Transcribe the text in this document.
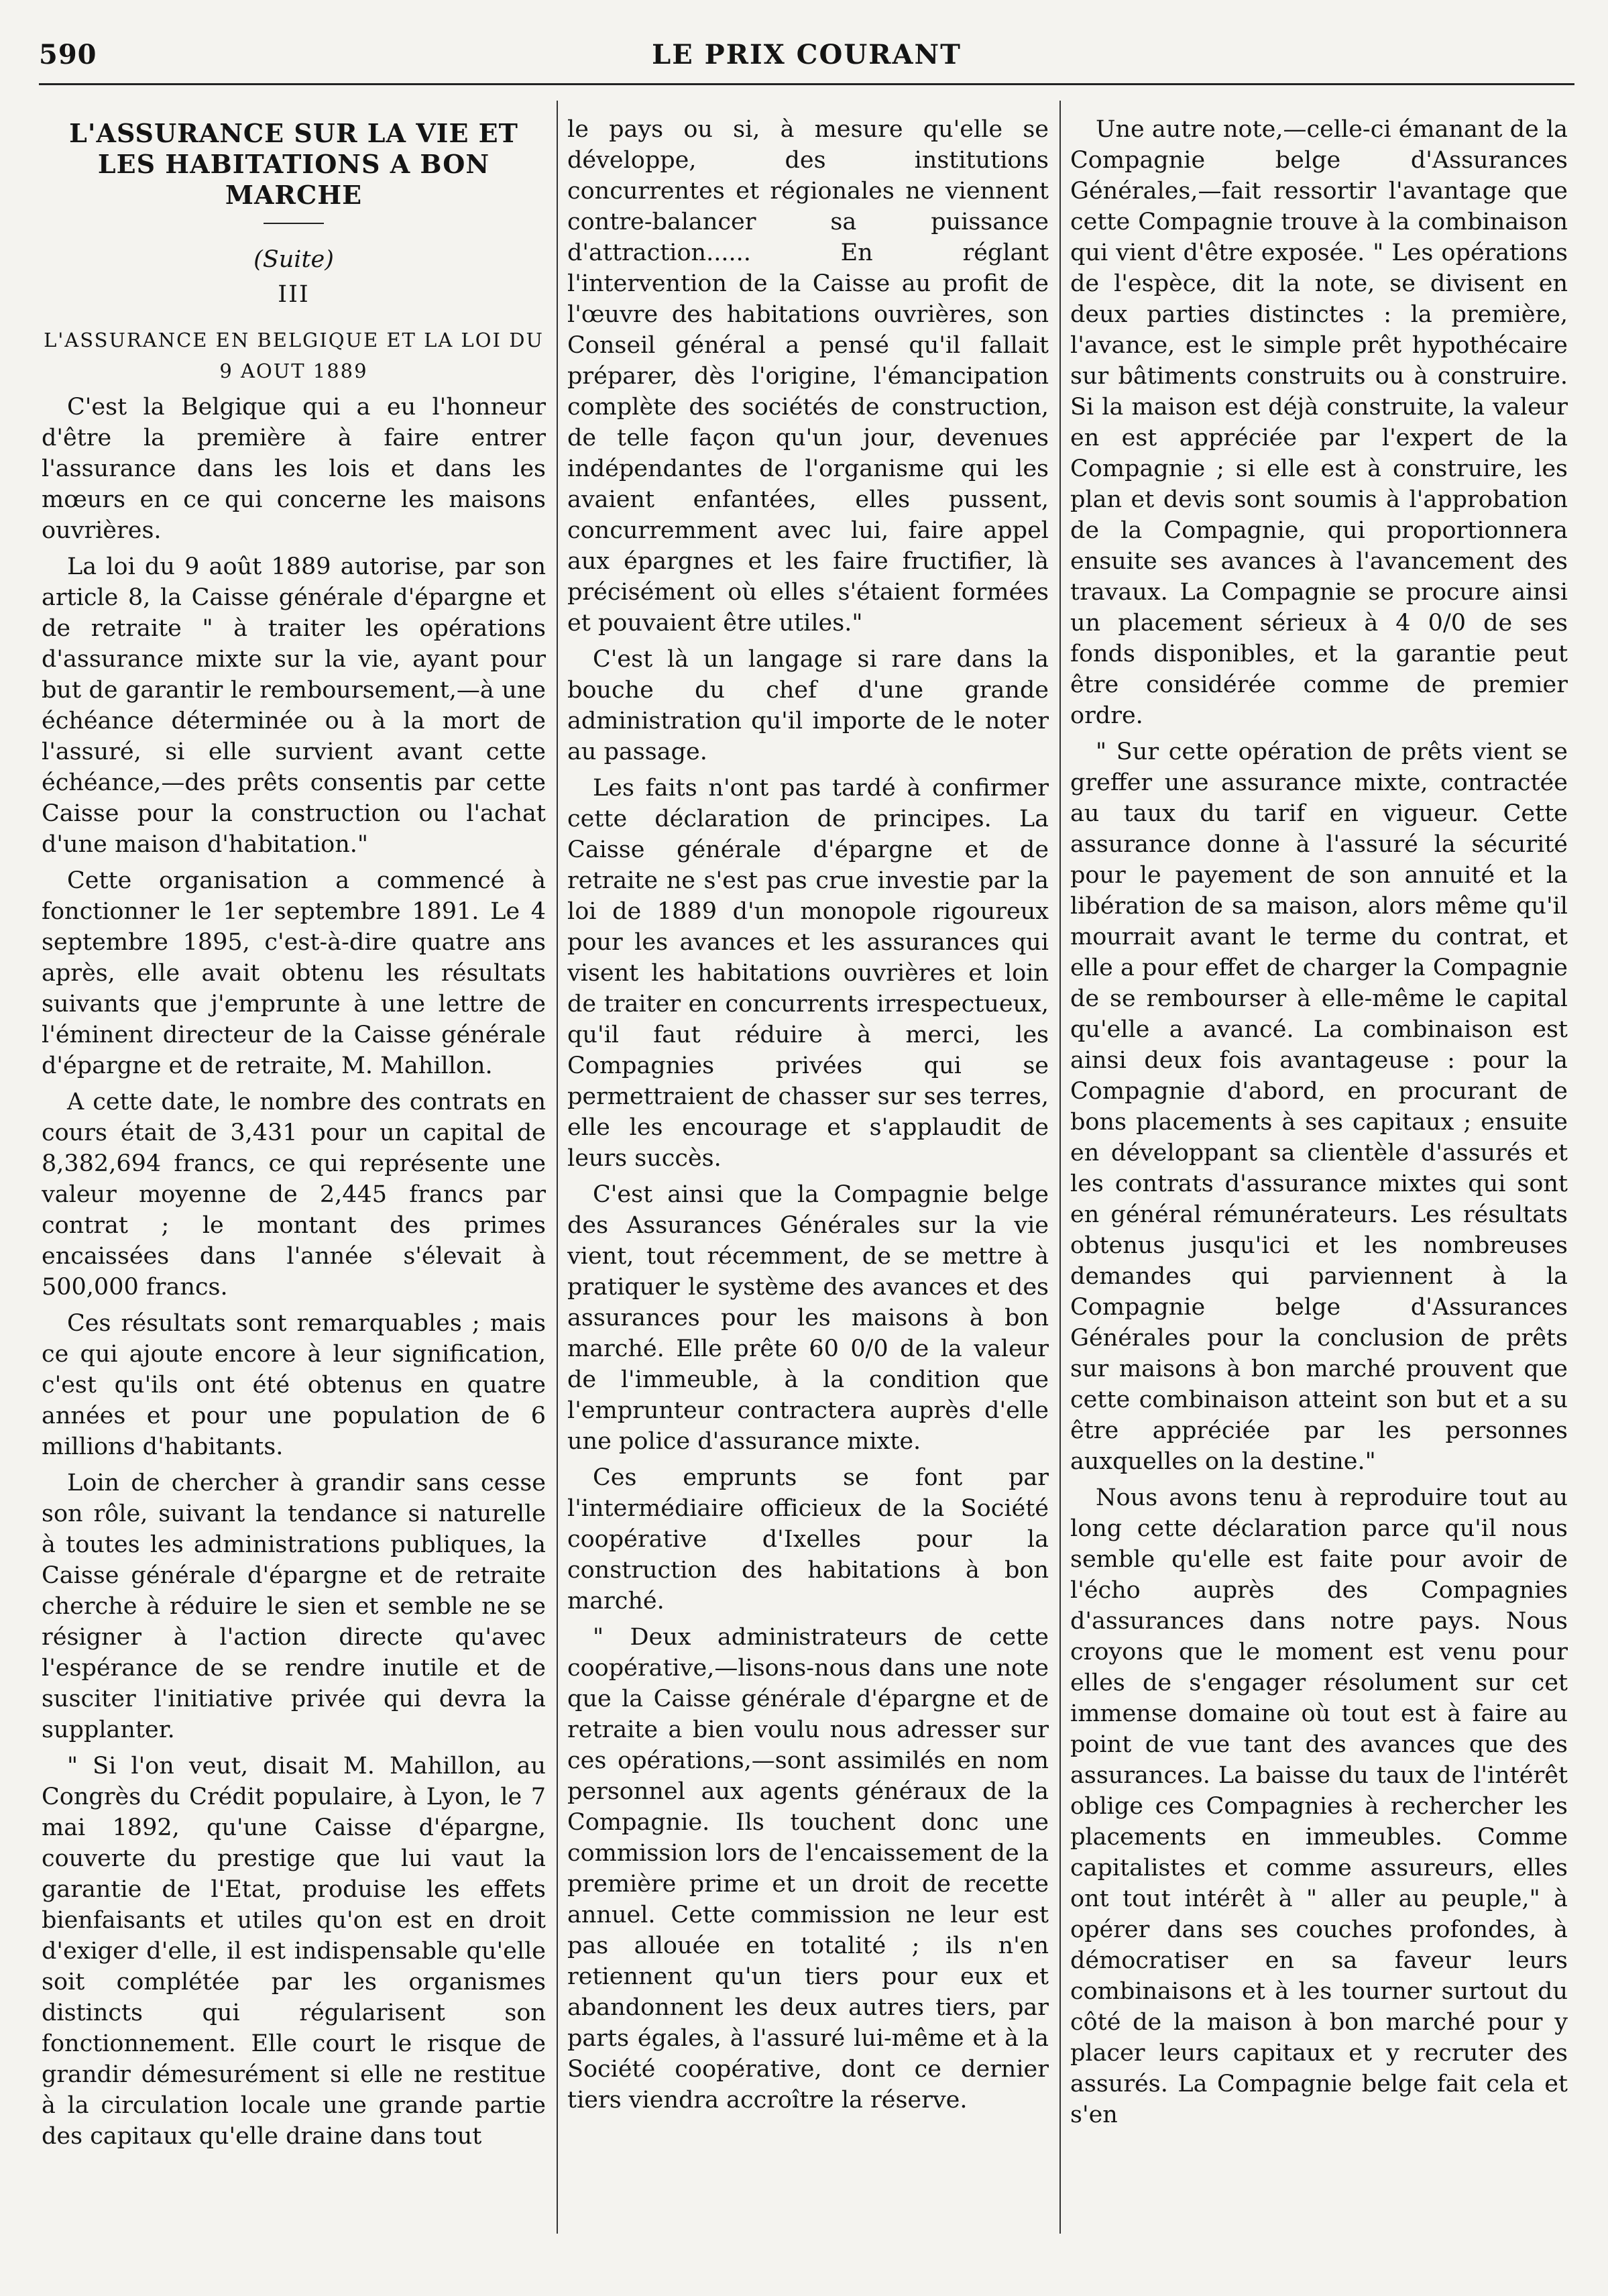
590	LE PRIX COURANT
L'ASSURANCE SUR LA VIE ET LES HABITATIONS A BON MARCHE
(Suite)
III
L'ASSURANCE EN BELGIQUE ET LA LOI DU 9 AOUT 1889

C'est la Belgique qui a eu l'honneur d'être la première à faire entrer l'assurance dans les lois et dans les mœurs en ce qui concerne les maisons ouvrières.

La loi du 9 août 1889 autorise, par son article 8, la Caisse générale d'épargne et de retraite " à traiter les opérations d'assurance mixte sur la vie, ayant pour but de garantir le remboursement,—à une échéance déterminée ou à la mort de l'assuré, si elle survient avant cette échéance,—des prêts consentis par cette Caisse pour la construction ou l'achat d'une maison d'habitation."

Cette organisation a commencé à fonctionner le 1er septembre 1891. Le 4 septembre 1895, c'est-à-dire quatre ans après, elle avait obtenu les résultats suivants que j'emprunte à une lettre de l'éminent directeur de la Caisse générale d'épargne et de retraite, M. Mahillon.

A cette date, le nombre des contrats en cours était de 3,431 pour un capital de 8,382,694 francs, ce qui représente une valeur moyenne de 2,445 francs par contrat ; le montant des primes encaissées dans l'année s'élevait à 500,000 francs.

Ces résultats sont remarquables ; mais ce qui ajoute encore à leur signification, c'est qu'ils ont été obtenus en quatre années et pour une population de 6 millions d'habitants.

Loin de chercher à grandir sans cesse son rôle, suivant la tendance si naturelle à toutes les administrations publiques, la Caisse générale d'épargne et de retraite cherche à réduire le sien et semble ne se résigner à l'action directe qu'avec l'espérance de se rendre inutile et de susciter l'initiative privée qui devra la supplanter.

" Si l'on veut, disait M. Mahillon, au Congrès du Crédit populaire, à Lyon, le 7 mai 1892, qu'une Caisse d'épargne, couverte du prestige que lui vaut la garantie de l'Etat, produise les effets bienfaisants et utiles qu'on est en droit d'exiger d'elle, il est indispensable qu'elle soit complétée par les organismes distincts qui régularisent son fonctionnement. Elle court le risque de grandir démesurément si elle ne restitue à la circulation locale une grande partie des capitaux qu'elle draine dans tout

le pays ou si, à mesure qu'elle se développe, des institutions concurrentes et régionales ne viennent contre-balancer sa puissance d'attraction...... En réglant l'intervention de la Caisse au profit de l'œuvre des habitations ouvrières, son Conseil général a pensé qu'il fallait préparer, dès l'origine, l'émancipation complète des sociétés de construction, de telle façon qu'un jour, devenues indépendantes de l'organisme qui les avaient enfantées, elles pussent, concurremment avec lui, faire appel aux épargnes et les faire fructifier, là précisément où elles s'étaient formées et pouvaient être utiles."

C'est là un langage si rare dans la bouche du chef d'une grande administration qu'il importe de le noter au passage.

Les faits n'ont pas tardé à confirmer cette déclaration de principes. La Caisse générale d'épargne et de retraite ne s'est pas crue investie par la loi de 1889 d'un monopole rigoureux pour les avances et les assurances qui visent les habitations ouvrières et loin de traiter en concurrents irrespectueux, qu'il faut réduire à merci, les Compagnies privées qui se permettraient de chasser sur ses terres, elle les encourage et s'applaudit de leurs succès.

C'est ainsi que la Compagnie belge des Assurances Générales sur la vie vient, tout récemment, de se mettre à pratiquer le système des avances et des assurances pour les maisons à bon marché. Elle prête 60 0/0 de la valeur de l'immeuble, à la condition que l'emprunteur contractera auprès d'elle une police d'assurance mixte.

Ces emprunts se font par l'intermédiaire officieux de la Société coopérative d'Ixelles pour la construction des habitations à bon marché.

" Deux administrateurs de cette coopérative,—lisons-nous dans une note que la Caisse générale d'épargne et de retraite a bien voulu nous adresser sur ces opérations,—sont assimilés en nom personnel aux agents généraux de la Compagnie. Ils touchent donc une commission lors de l'encaissement de la première prime et un droit de recette annuel. Cette commission ne leur est pas allouée en totalité ; ils n'en retiennent qu'un tiers pour eux et abandonnent les deux autres tiers, par parts égales, à l'assuré lui-même et à la Société coopérative, dont ce dernier tiers viendra accroître la réserve.

Une autre note,—celle-ci émanant de la Compagnie belge d'Assurances Générales,—fait ressortir l'avantage que cette Compagnie trouve à la combinaison qui vient d'être exposée. " Les opérations de l'espèce, dit la note, se divisent en deux parties distinctes : la première, l'avance, est le simple prêt hypothécaire sur bâtiments construits ou à construire. Si la maison est déjà construite, la valeur en est appréciée par l'expert de la Compagnie ; si elle est à construire, les plan et devis sont soumis à l'approbation de la Compagnie, qui proportionnera ensuite ses avances à l'avancement des travaux. La Compagnie se procure ainsi un placement sérieux à 4 0/0 de ses fonds disponibles, et la garantie peut être considérée comme de premier ordre.

" Sur cette opération de prêts vient se greffer une assurance mixte, contractée au taux du tarif en vigueur. Cette assurance donne à l'assuré la sécurité pour le payement de son annuité et la libération de sa maison, alors même qu'il mourrait avant le terme du contrat, et elle a pour effet de charger la Compagnie de se rembourser à elle-même le capital qu'elle a avancé. La combinaison est ainsi deux fois avantageuse : pour la Compagnie d'abord, en procurant de bons placements à ses capitaux ; ensuite en développant sa clientèle d'assurés et les contrats d'assurance mixtes qui sont en général rémunérateurs. Les résultats obtenus jusqu'ici et les nombreuses demandes qui parviennent à la Compagnie belge d'Assurances Générales pour la conclusion de prêts sur maisons à bon marché prouvent que cette combinaison atteint son but et a su être appréciée par les personnes auxquelles on la destine."

Nous avons tenu à reproduire tout au long cette déclaration parce qu'il nous semble qu'elle est faite pour avoir de l'écho auprès des Compagnies d'assurances dans notre pays. Nous croyons que le moment est venu pour elles de s'engager résolument sur cet immense domaine où tout est à faire au point de vue tant des avances que des assurances. La baisse du taux de l'intérêt oblige ces Compagnies à rechercher les placements en immeubles. Comme capitalistes et comme assureurs, elles ont tout intérêt à " aller au peuple," à opérer dans ses couches profondes, à démocratiser en sa faveur leurs combinaisons et à les tourner surtout du côté de la maison à bon marché pour y placer leurs capitaux et y recruter des assurés. La Compagnie belge fait cela et s'en
